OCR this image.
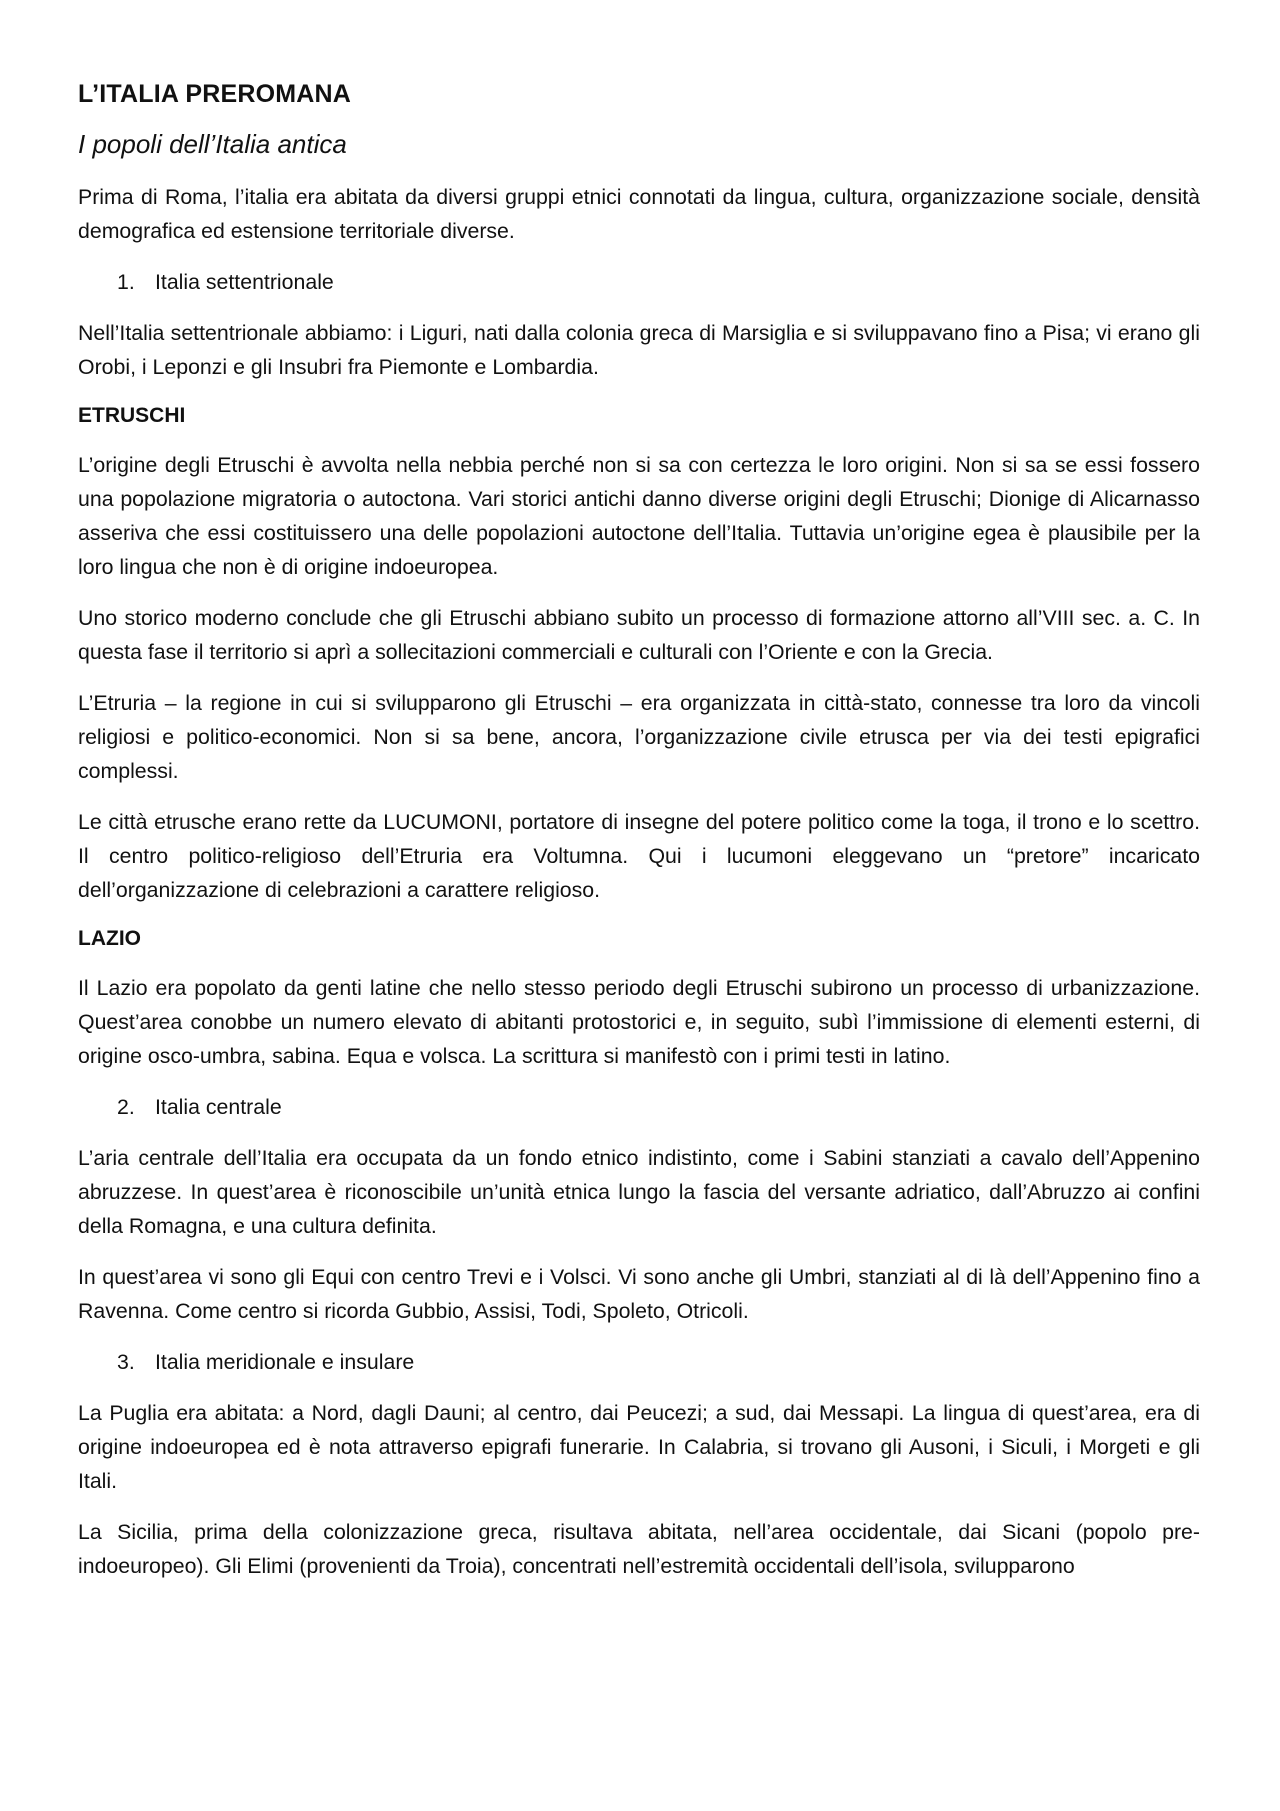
L’ITALIA PREROMANA
I popoli dell’Italia antica

Prima di Roma, l’italia era abitata da diversi gruppi etnici connotati da lingua, cultura, organizzazione sociale, densità demografica ed estensione territoriale diverse.

1. Italia settentrionale

Nell’Italia settentrionale abbiamo: i Liguri, nati dalla colonia greca di Marsiglia e si sviluppavano fino a Pisa; vi erano gli Orobi, i Leponzi e gli Insubri fra Piemonte e Lombardia.

ETRUSCHI

L’origine degli Etruschi è avvolta nella nebbia perché non si sa con certezza le loro origini. Non si sa se essi fossero una popolazione migratoria o autoctona. Vari storici antichi danno diverse origini degli Etruschi; Dionige di Alicarnasso asseriva che essi costituissero una delle popolazioni autoctone dell’Italia. Tuttavia un’origine egea è plausibile per la loro lingua che non è di origine indoeuropea.

Uno storico moderno conclude che gli Etruschi abbiano subito un processo di formazione attorno all’VIII sec. a. C. In questa fase il territorio si aprì a sollecitazioni commerciali e culturali con l’Oriente e con la Grecia.

L’Etruria – la regione in cui si svilupparono gli Etruschi – era organizzata in città-stato, connesse tra loro da vincoli religiosi e politico-economici. Non si sa bene, ancora, l’organizzazione civile etrusca per via dei testi epigrafici complessi.

Le città etrusche erano rette da LUCUMONI, portatore di insegne del potere politico come la toga, il trono e lo scettro. Il centro politico-religioso dell’Etruria era Voltumna. Qui i lucumoni eleggevano un “pretore” incaricato dell’organizzazione di celebrazioni a carattere religioso.

LAZIO

Il Lazio era popolato da genti latine che nello stesso periodo degli Etruschi subirono un processo di urbanizzazione. Quest’area conobbe un numero elevato di abitanti protostorici e, in seguito, subì l’immissione di elementi esterni, di origine osco-umbra, sabina. Equa e volsca. La scrittura si manifestò con i primi testi in latino.

2. Italia centrale

L’aria centrale dell’Italia era occupata da un fondo etnico indistinto, come i Sabini stanziati a cavalo dell’Appenino abruzzese. In quest’area è riconoscibile un’unità etnica lungo la fascia del versante adriatico, dall’Abruzzo ai confini della Romagna, e una cultura definita.

In quest’area vi sono gli Equi con centro Trevi e i Volsci. Vi sono anche gli Umbri, stanziati al di là dell’Appenino fino a Ravenna. Come centro si ricorda Gubbio, Assisi, Todi, Spoleto, Otricoli.

3. Italia meridionale e insulare

La Puglia era abitata: a Nord, dagli Dauni; al centro, dai Peucezi; a sud, dai Messapi. La lingua di quest’area, era di origine indoeuropea ed è nota attraverso epigrafi funerarie. In Calabria, si trovano gli Ausoni, i Siculi, i Morgeti e gli Itali.

La Sicilia, prima della colonizzazione greca, risultava abitata, nell’area occidentale, dai Sicani (popolo pre-indoeuropeo). Gli Elimi (provenienti da Troia), concentrati nell’estremità occidentali dell’isola, svilupparono
